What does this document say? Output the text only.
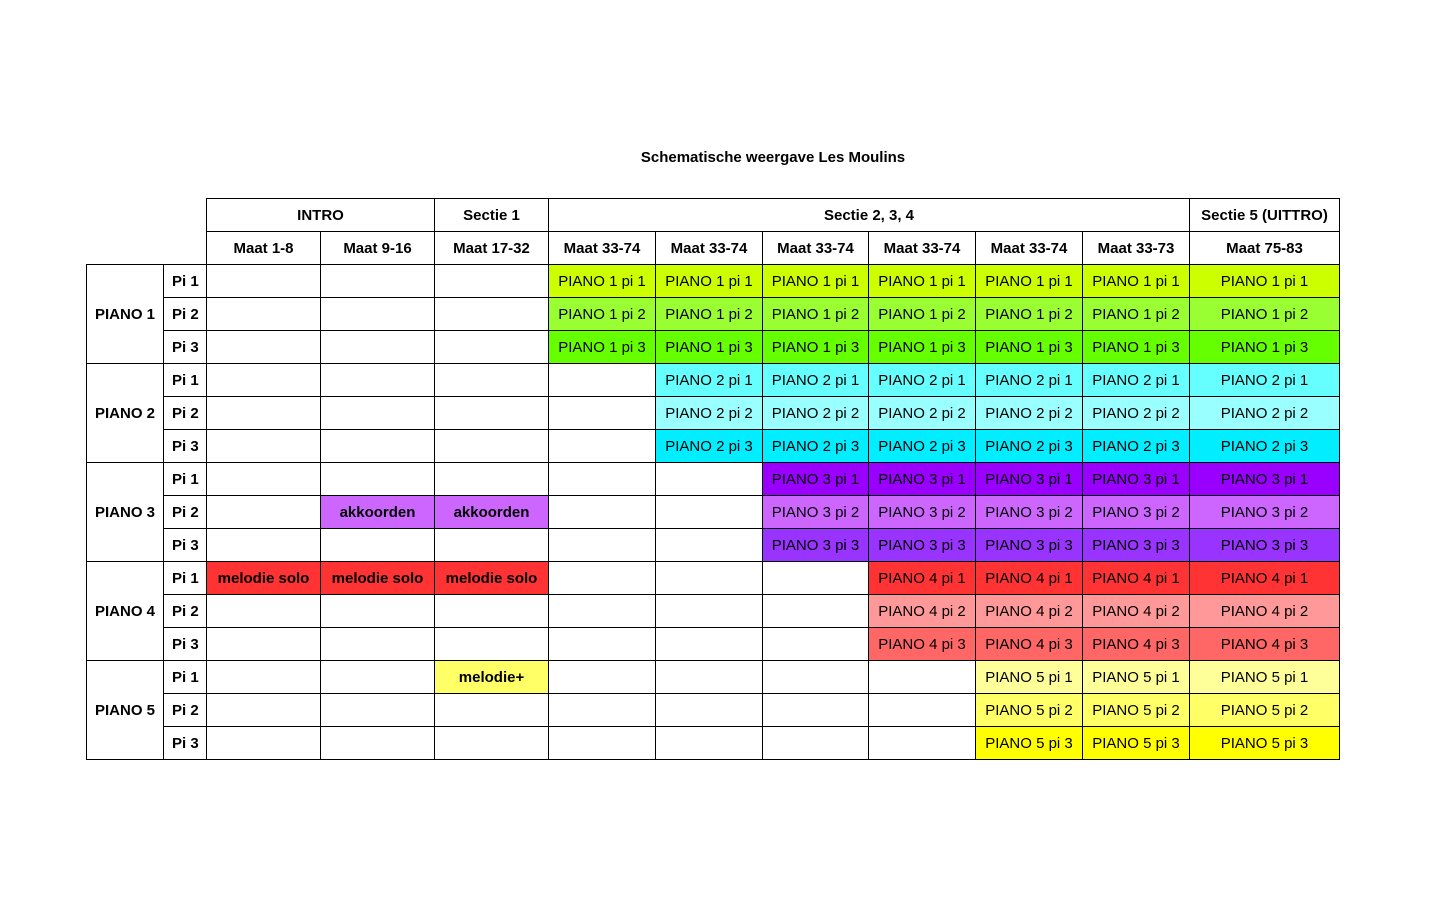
Schematische weergave Les Moulins
		INTRO		Sectie 1	Sectie 2, 3, 4						Sectie 5 (UITTRO)
		Maat 1-8	Maat 9-16	Maat 17-32	Maat 33-74	Maat 33-74	Maat 33-74	Maat 33-74	Maat 33-74	Maat 33-73	Maat 75-83
PIANO 1	Pi 1				PIANO 1 pi 1	PIANO 1 pi 1	PIANO 1 pi 1	PIANO 1 pi 1	PIANO 1 pi 1	PIANO 1 pi 1	PIANO 1 pi 1
	Pi 2				PIANO 1 pi 2	PIANO 1 pi 2	PIANO 1 pi 2	PIANO 1 pi 2	PIANO 1 pi 2	PIANO 1 pi 2	PIANO 1 pi 2
	Pi 3				PIANO 1 pi 3	PIANO 1 pi 3	PIANO 1 pi 3	PIANO 1 pi 3	PIANO 1 pi 3	PIANO 1 pi 3	PIANO 1 pi 3
PIANO 2	Pi 1					PIANO 2 pi 1	PIANO 2 pi 1	PIANO 2 pi 1	PIANO 2 pi 1	PIANO 2 pi 1	PIANO 2 pi 1
	Pi 2					PIANO 2 pi 2	PIANO 2 pi 2	PIANO 2 pi 2	PIANO 2 pi 2	PIANO 2 pi 2	PIANO 2 pi 2
	Pi 3					PIANO 2 pi 3	PIANO 2 pi 3	PIANO 2 pi 3	PIANO 2 pi 3	PIANO 2 pi 3	PIANO 2 pi 3
PIANO 3	Pi 1						PIANO 3 pi 1	PIANO 3 pi 1	PIANO 3 pi 1	PIANO 3 pi 1	PIANO 3 pi 1
	Pi 2		akkoorden	akkoorden			PIANO 3 pi 2	PIANO 3 pi 2	PIANO 3 pi 2	PIANO 3 pi 2	PIANO 3 pi 2
	Pi 3						PIANO 3 pi 3	PIANO 3 pi 3	PIANO 3 pi 3	PIANO 3 pi 3	PIANO 3 pi 3
PIANO 4	Pi 1	melodie solo	melodie solo	melodie solo				PIANO 4 pi 1	PIANO 4 pi 1	PIANO 4 pi 1	PIANO 4 pi 1
	Pi 2							PIANO 4 pi 2	PIANO 4 pi 2	PIANO 4 pi 2	PIANO 4 pi 2
	Pi 3							PIANO 4 pi 3	PIANO 4 pi 3	PIANO 4 pi 3	PIANO 4 pi 3
PIANO 5	Pi 1			melodie+					PIANO 5 pi 1	PIANO 5 pi 1	PIANO 5 pi 1
	Pi 2								PIANO 5 pi 2	PIANO 5 pi 2	PIANO 5 pi 2
	Pi 3								PIANO 5 pi 3	PIANO 5 pi 3	PIANO 5 pi 3
